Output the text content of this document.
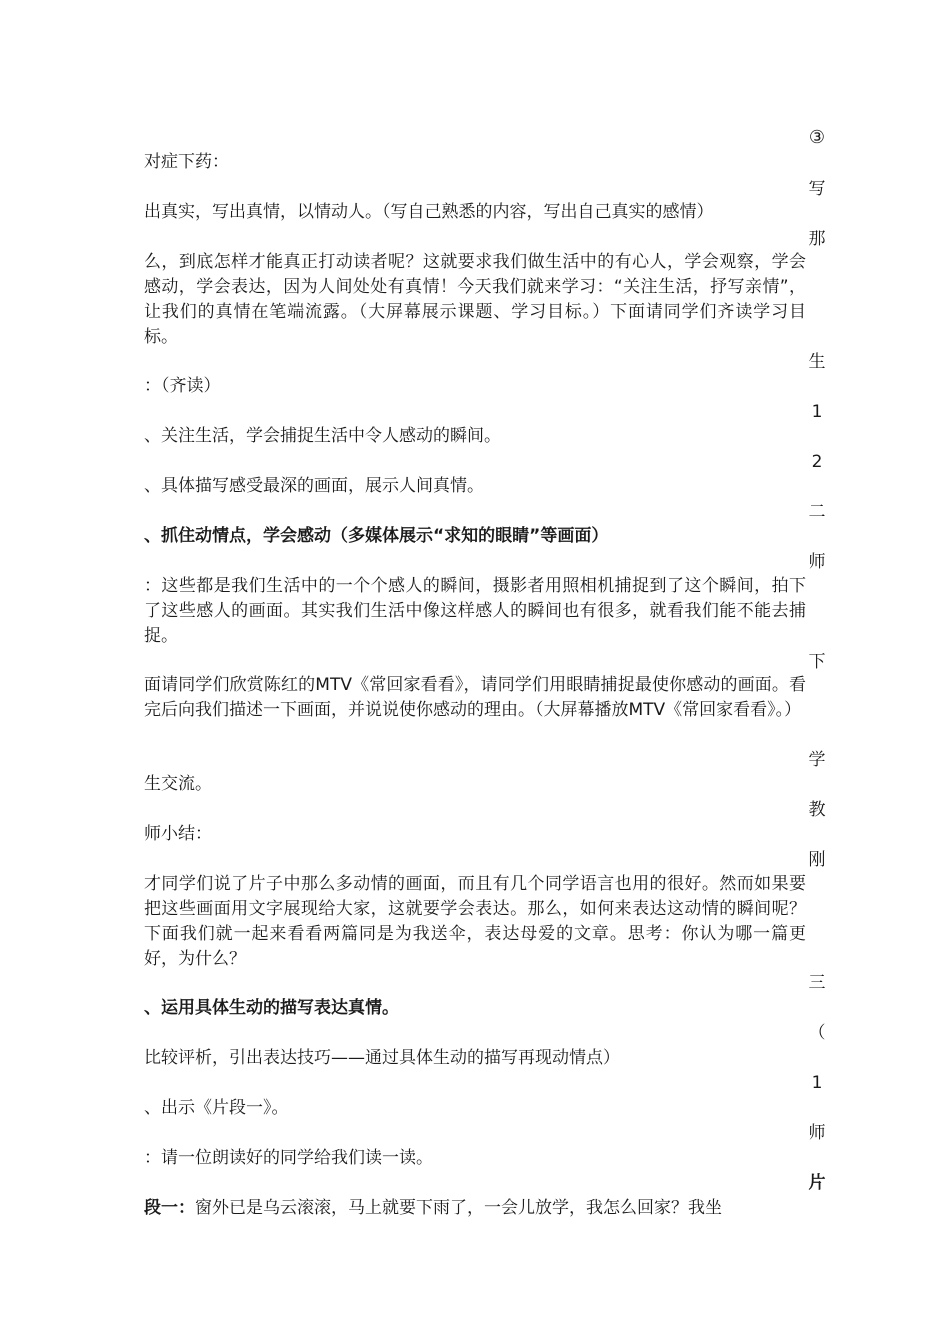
③
写
那
生
1
2
二
师
下
学
教
刚
三
（
1
师
片

对症下药：

出真实，写出真情，以情动人。（写自己熟悉的内容，写出自己真实的感情）

么，到底怎样才能真正打动读者呢？这就要求我们做生活中的有心人，学会观察，学会感动，学会表达，因为人间处处有真情！今天我们就来学习：“关注生活，抒写亲情”，让我们的真情在笔端流露。（大屏幕展示课题、学习目标。）下面请同学们齐读学习目标。

：（齐读）

、关注生活，学会捕捉生活中令人感动的瞬间。

、具体描写感受最深的画面，展示人间真情。

、抓住动情点，学会感动（多媒体展示“求知的眼睛”等画面）

：这些都是我们生活中的一个个感人的瞬间，摄影者用照相机捕捉到了这个瞬间，拍下了这些感人的画面。其实我们生活中像这样感人的瞬间也有很多，就看我们能不能去捕捉。

面请同学们欣赏陈红的MTV《常回家看看》，请同学们用眼睛捕捉最使你感动的画面。看完后向我们描述一下画面，并说说使你感动的理由。（大屏幕播放MTV《常回家看看》。）

生交流。

师小结：

才同学们说了片子中那么多动情的画面，而且有几个同学语言也用的很好。然而如果要把这些画面用文字展现给大家，这就要学会表达。那么，如何来表达这动情的瞬间呢？下面我们就一起来看看两篇同是为我送伞，表达母爱的文章。思考：你认为哪一篇更好，为什么？

、运用具体生动的描写表达真情。

比较评析，引出表达技巧——通过具体生动的描写再现动情点）

、出示《片段一》。

：请一位朗读好的同学给我们读一读。

段一：窗外已是乌云滚滚，马上就要下雨了，一会儿放学，我怎么回家？我坐
